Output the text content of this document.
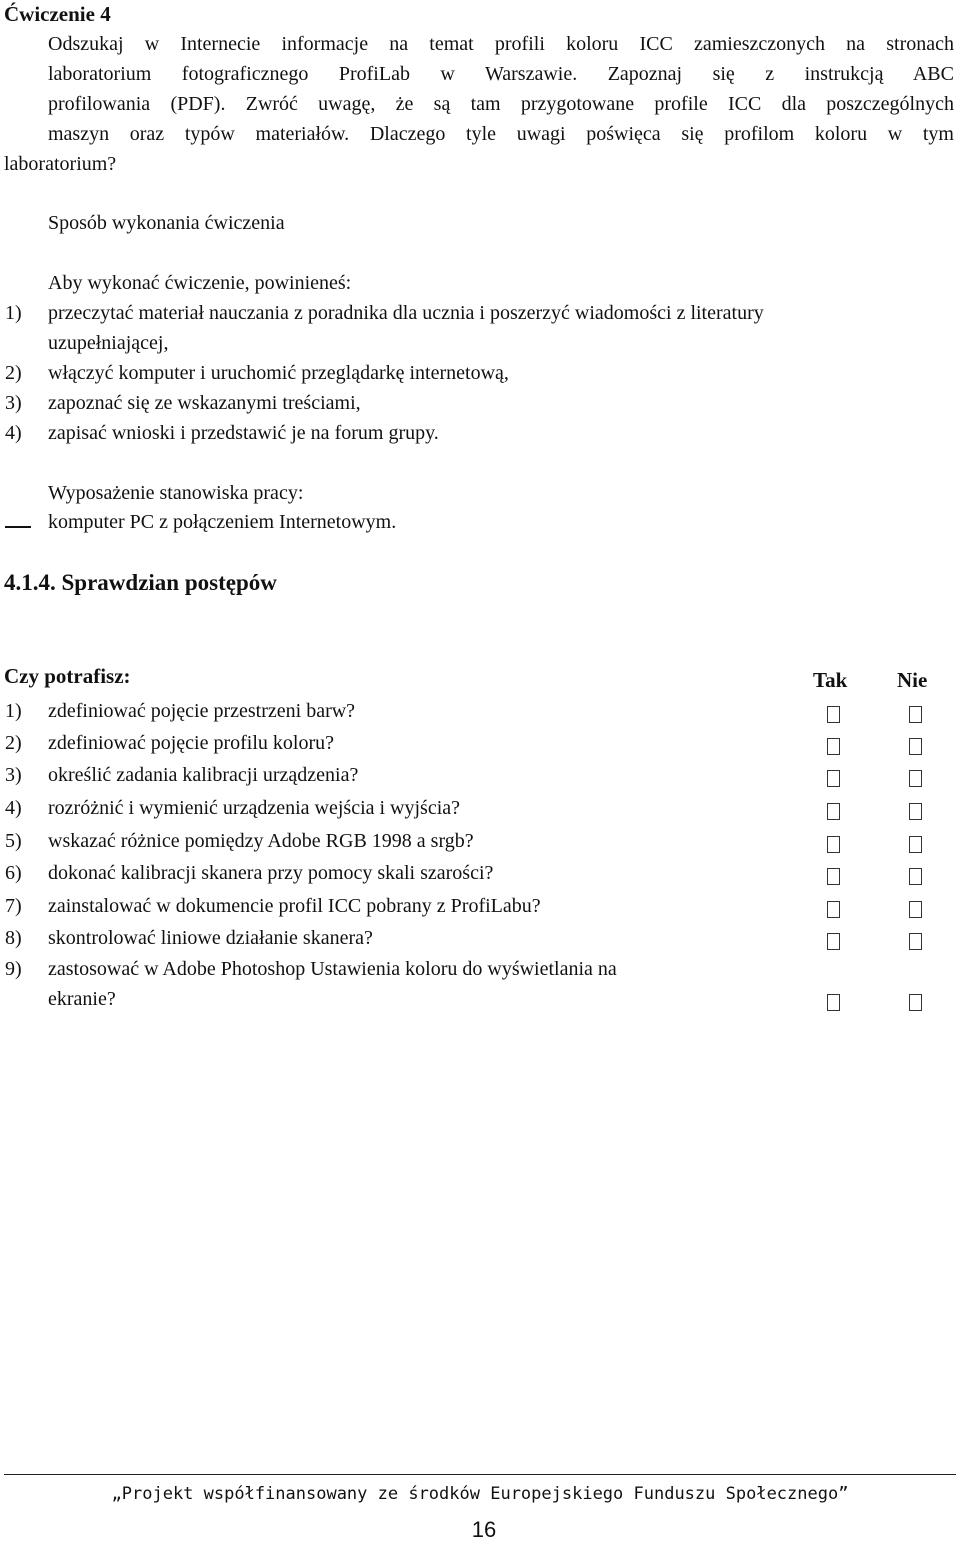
Ćwiczenie 4
Odszukaj w Internecie informacje na temat profili koloru ICC zamieszczonych na stronach
laboratorium fotograficznego ProfiLab w Warszawie. Zapoznaj się z instrukcją ABC
profilowania (PDF). Zwróć uwagę, że są tam przygotowane profile ICC dla poszczególnych
maszyn oraz typów materiałów. Dlaczego tyle uwagi poświęca się profilom koloru w tym
laboratorium?
Sposób wykonania ćwiczenia
Aby wykonać ćwiczenie, powinieneś:
1) przeczytać materiał nauczania z poradnika dla ucznia i poszerzyć wiadomości z literatury
uzupełniającej,
2) włączyć komputer i uruchomić przeglądarkę internetową,
3) zapoznać się ze wskazanymi treściami,
4) zapisać wnioski i przedstawić je na forum grupy.
Wyposażenie stanowiska pracy:
komputer PC z połączeniem Internetowym.
4.1.4. Sprawdzian postępów
Czy potrafisz:	Tak Nie
1) zdefiniować pojęcie przestrzeni barw?
2) zdefiniować pojęcie profilu koloru?
3) określić zadania kalibracji urządzenia?
4) rozróżnić i wymienić urządzenia wejścia i wyjścia?
5) wskazać różnice pomiędzy Adobe RGB 1998 a srgb?
6) dokonać kalibracji skanera przy pomocy skali szarości?
7) zainstalować w dokumencie profil ICC pobrany z ProfiLabu?
8) skontrolować liniowe działanie skanera?
9) zastosować w Adobe Photoshop Ustawienia koloru do wyświetlania na
ekranie?
„Projekt współfinansowany ze środków Europejskiego Funduszu Społecznego”
16
